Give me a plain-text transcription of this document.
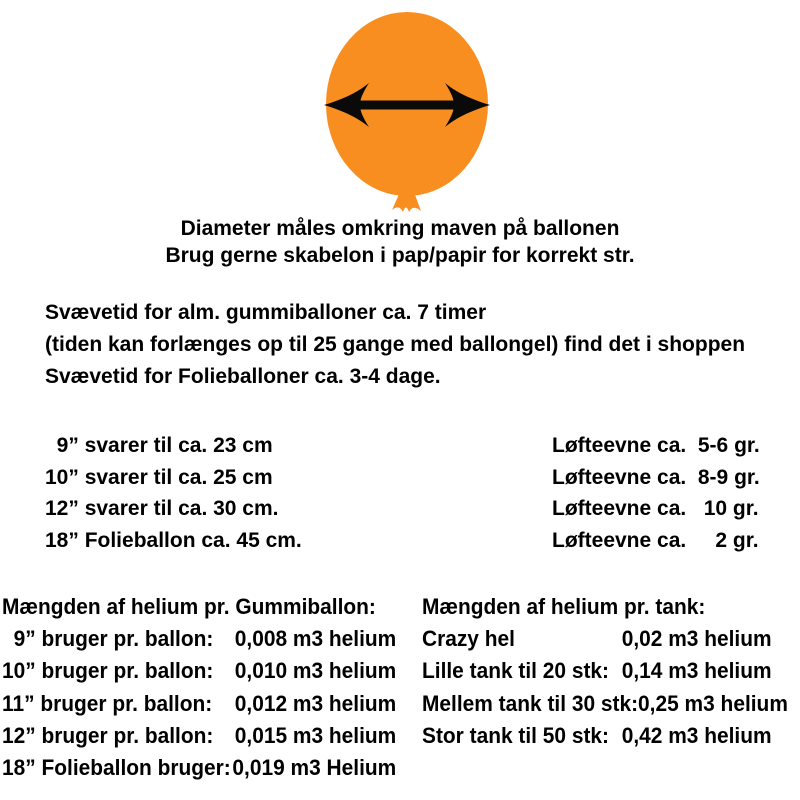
Diameter måles omkring maven på ballonen
Brug gerne skabelon i pap/papir for korrekt str.
Svævetid for alm. gummiballoner ca. 7 timer
(tiden kan forlænges op til 25 gange med ballongel) find det i shoppen
Svævetid for Folieballoner ca. 3-4 dage.
9” svarer til ca. 23 cm
10” svarer til ca. 25 cm
12” svarer til ca. 30 cm.
18” Folieballon ca. 45 cm.
Løfteevne ca.  5-6 gr.
Løfteevne ca.  8-9 gr.
Løfteevne ca.   10 gr.
Løfteevne ca.     2 gr.
Mængden af helium pr. Gummiballon:
9” bruger pr. ballon: 0,008 m3 helium
10” bruger pr. ballon: 0,010 m3 helium
11” bruger pr. ballon: 0,012 m3 helium
12” bruger pr. ballon: 0,015 m3 helium
18” Folieballon bruger: 0,019 m3 Helium
Mængden af helium pr. tank:
Crazy hel	0,02 m3 helium
Lille tank til 20 stk: 0,14 m3 helium
Mellem tank til 30 stk: 0,25 m3 helium
Stor tank til 50 stk: 0,42 m3 helium
